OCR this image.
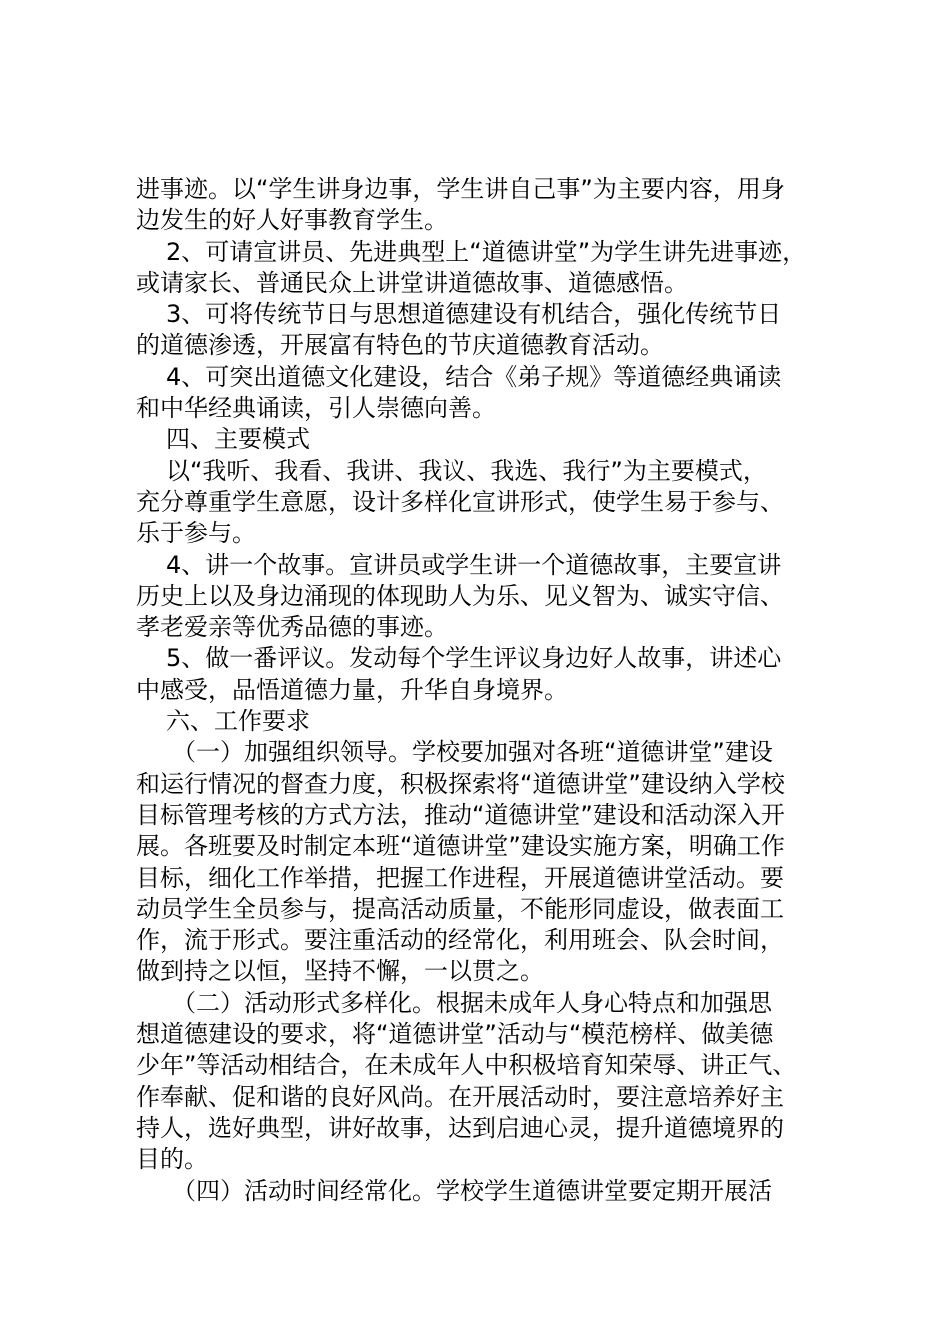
进事迹。以“学生讲身边事，学生讲自己事”为主要内容，用身
边发生的好人好事教育学生。
2、可请宣讲员、先进典型上“道德讲堂”为学生讲先进事迹，
或请家长、普通民众上讲堂讲道德故事、道德感悟。
3、可将传统节日与思想道德建设有机结合，强化传统节日
的道德渗透，开展富有特色的节庆道德教育活动。
4、可突出道德文化建设，结合《弟子规》等道德经典诵读
和中华经典诵读，引人崇德向善。
四、主要模式
以“我听、我看、我讲、我议、我选、我行”为主要模式，
充分尊重学生意愿，设计多样化宣讲形式，使学生易于参与、
乐于参与。
4、讲一个故事。宣讲员或学生讲一个道德故事，主要宣讲
历史上以及身边涌现的体现助人为乐、见义智为、诚实守信、
孝老爱亲等优秀品德的事迹。
5、做一番评议。发动每个学生评议身边好人故事，讲述心
中感受，品悟道德力量，升华自身境界。
六、工作要求
（一）加强组织领导。学校要加强对各班“道德讲堂”建设
和运行情况的督查力度，积极探索将“道德讲堂”建设纳入学校
目标管理考核的方式方法，推动“道德讲堂”建设和活动深入开
展。各班要及时制定本班“道德讲堂”建设实施方案，明确工作
目标，细化工作举措，把握工作进程，开展道德讲堂活动。要
动员学生全员参与，提高活动质量，不能形同虚设，做表面工
作，流于形式。要注重活动的经常化，利用班会、队会时间，
做到持之以恒，坚持不懈，一以贯之。
（二）活动形式多样化。根据未成年人身心特点和加强思
想道德建设的要求，将“道德讲堂”活动与“模范榜样、做美德
少年”等活动相结合，在未成年人中积极培育知荣辱、讲正气、
作奉献、促和谐的良好风尚。在开展活动时，要注意培养好主
持人，选好典型，讲好故事，达到启迪心灵，提升道德境界的
目的。
（四）活动时间经常化。学校学生道德讲堂要定期开展活
